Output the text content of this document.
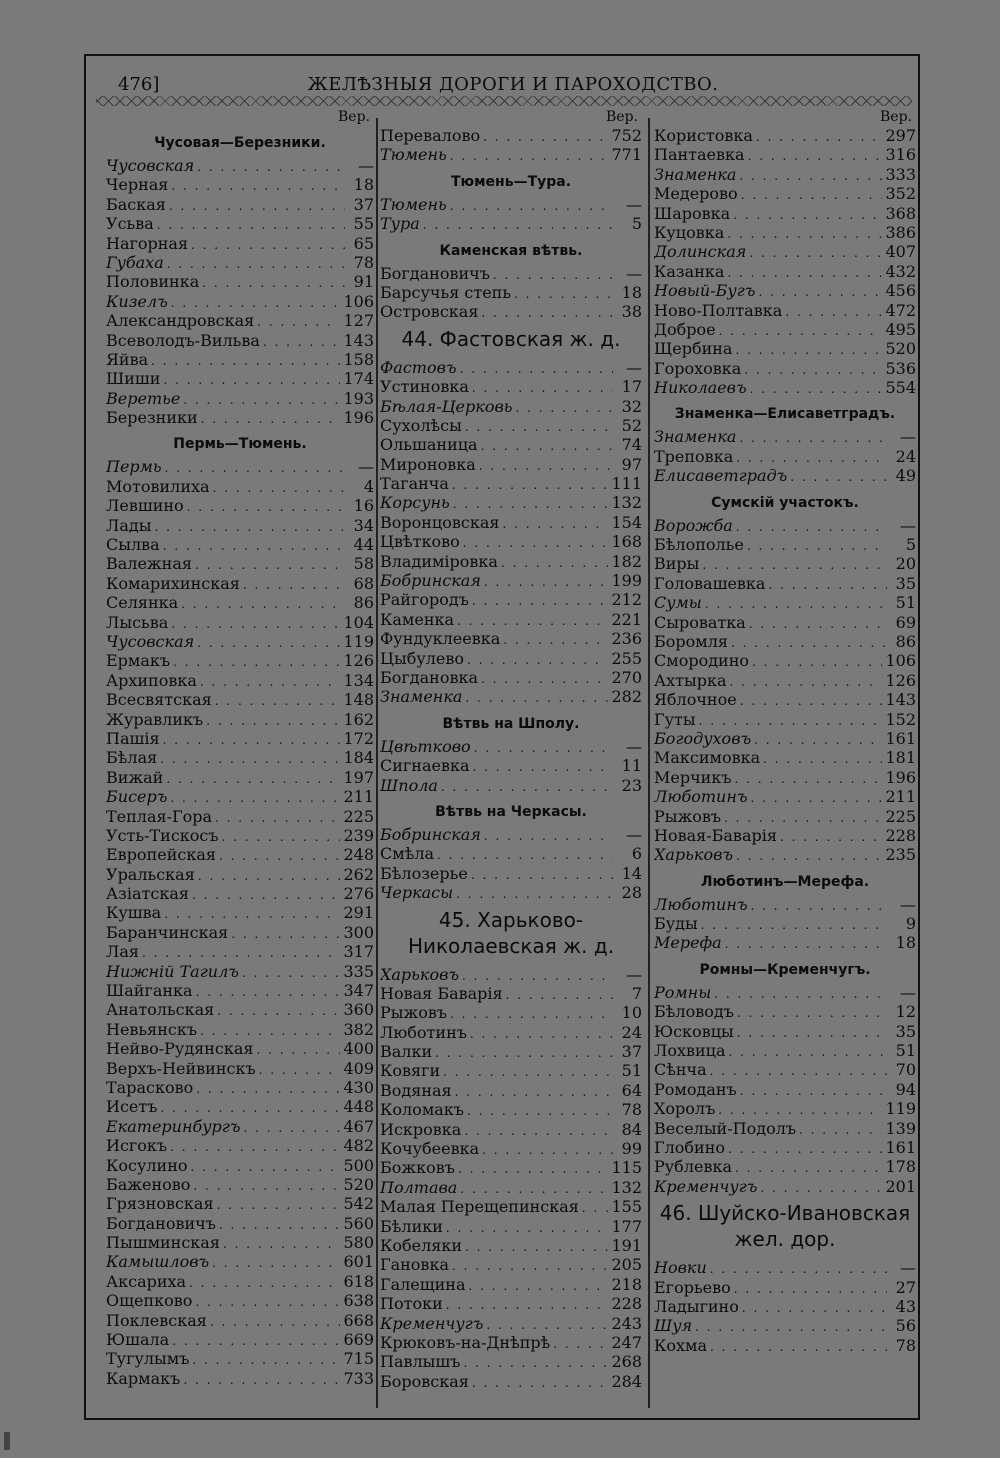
476]	ЖЕЛѢЗНЫЯ ДОРОГИ И ПАРОХОДСТВО.
Вер.
Чусовая—Березники.
Чусовская . . .	—
Черная . . .	18
Баская . . .	37
Усьва . . .	55
Нагорная . . .	65
Губаха . . .	78
Половинка . . .	91
Кизелъ . . .	106
Александровская . . .	127
Всеволодъ-Вильва . . .	143
Яйва . . .	158
Шиши . . .	174
Веретье . . .	193
Березники . . .	196
Пермь—Тюмень.
Пермь . . .	—
Мотовилиха . . .	4
Левшино . . .	16
Лады . . .	34
Сылва . . .	44
Валежная . . .	58
Комарихинская . . .	68
Селянка . . .	86
Лысьва . . .	104
Чусовская . . .	119
Ермакъ . . .	126
Архиповка . . .	134
Всесвятская . . .	148
Журавликъ . . .	162
Пашія . . .	172
Бѣлая . . .	184
Вижай . . .	197
Бисеръ . . .	211
Теплая-Гора . . .	225
Усть-Тискосъ . . .	239
Европейская . . .	248
Уральская . . .	262
Азіатская . . .	276
Кушва . . .	291
Баранчинская . . .	300
Лая . . .	317
Нижній Тагилъ . . .	335
Шайганка . . .	347
Анатольская . . .	360
Невьянскъ . . .	382
Нейво-Рудянская . . .	400
Верхъ-Нейвинскъ . . .	409
Тарасково . . .	430
Исетъ . . .	448
Екатеринбургъ . . .	467
Исгокъ . . .	482
Косулино . . .	500
Баженово . . .	520
Грязновская . . .	542
Богдановичъ . . .	560
Пышминская . . .	580
Камышловъ . . .	601
Аксариха . . .	618
Ощепково . . .	638
Поклевская . . .	668
Юшала . . .	669
Тугулымъ . . .	715
Кармакъ . . .	733
Вер.
Перевалово . . .	752
Тюмень . . .	771
Тюмень—Тура.
Тюмень . . .	—
Тура . . .	5
Каменская вѣтвь.
Богдановичъ . . .	—
Барсучья степь . . .	18
Островская . . .	38
44. Фастовская ж. д.
Фастовъ . . .	—
Устиновка . . .	17
Бѣлая-Церковь . . .	32
Сухолѣсы . . .	52
Ольшаница . . .	74
Мироновка . . .	97
Таганча . . .	111
Корсунь . . .	132
Воронцовская . . .	154
Цвѣтково . . .	168
Владиміровка . . .	182
Бобринская . . .	199
Райгородъ . . .	212
Каменка . . .	221
Фундуклеевка . . .	236
Цыбулево . . .	255
Богдановка . . .	270
Знаменка . . .	282
Вѣтвь на Шполу.
Цвѣтково . . .	—
Сигнаевка . . .	11
Шпола . . .	23
Вѣтвь на Черкасы.
Бобринская . . .	—
Смѣла . . .	6
Бѣлозерье . . .	14
Черкасы . . .	28
45. Харьково-Николаевская ж. д.
Харьковъ . . .	—
Новая Баварія . . .	7
Рыжовъ . . .	10
Люботинъ . . .	24
Валки . . .	37
Ковяги . . .	51
Водяная . . .	64
Коломакъ . . .	78
Искровка . . .	84
Кочубеевка . . .	99
Божковъ . . .	115
Полтава . . .	132
Малая Перещепинская . . . 155
Бѣлики . . .	177
Кобеляки . . .	191
Гановка . . .	205
Галещина . . .	218
Потоки . . .	228
Кременчугъ . . .	243
Крюковъ-на-Днѣпрѣ . . .	247
Павлышъ . . .	268
Боровская . . .	284
Вер.
Користовка . . .	297
Пантаевка . . .	316
Знаменка . . .	333
Медерово . . .	352
Шаровка . . .	368
Куцовка . . .	386
Долинская . . .	407
Казанка . . .	432
Новый-Бугъ . . .	456
Ново-Полтавка . . .	472
Доброе . . .	495
Щербина . . .	520
Гороховка . . .	536
Николаевъ . . .	554
Знаменка—Елисаветградъ.
Знаменка . . .	—
Треповка . . .	24
Елисаветградъ . . .	49
Сумскій участокъ.
Ворожба . . .	—
Бѣлополье . . .	5
Виры . . .	20
Головашевка . . .	35
Сумы . . .	51
Сыроватка . . .	69
Боромля . . .	86
Смородино . . .	106
Ахтырка . . .	126
Яблочное . . .	143
Гуты . . .	152
Богодуховъ . . .	161
Максимовка . . .	181
Мерчикъ . . .	196
Люботинъ . . .	211
Рыжовъ . . .	225
Новая-Баварія . . .	228
Харьковъ . . .	235
Люботинъ—Мерефа.
Люботинъ . . .	—
Буды . . .	9
Мерефа . . .	18
Ромны—Кременчугъ.
Ромны . . .	—
Бѣловодъ . . .	12
Юсковцы . . .	35
Лохвица . . .	51
Сѣнча . . .	70
Ромоданъ . . .	94
Хоролъ . . .	119
Веселый-Подолъ . . .	139
Глобино . . .	161
Рублевка . . .	178
Кременчугъ . . .	201
46. Шуйско-Ивановская жел. дор.
Новки . . .	—
Егорьево . . .	27
Ладыгино . . .	43
Шуя . . .	56
Кохма . . .	78
